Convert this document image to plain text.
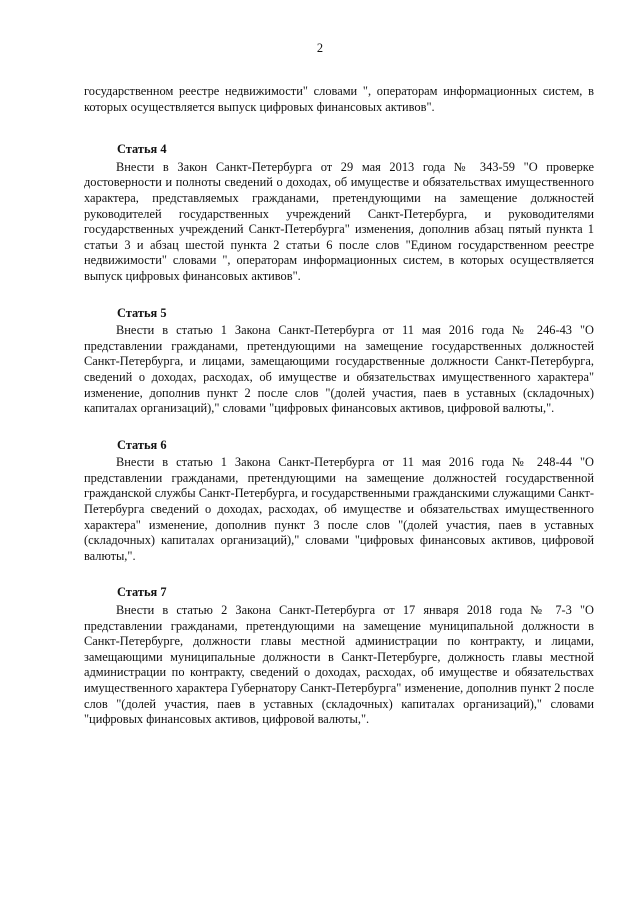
2

государственном реестре недвижимости" словами ", операторам информационных систем, в которых осуществляется выпуск цифровых финансовых активов".

Статья 4

Внести в Закон Санкт-Петербурга от 29 мая 2013 года № 343-59 "О проверке достоверности и полноты сведений о доходах, об имуществе и обязательствах имущественного характера, представляемых гражданами, претендующими на замещение должностей руководителей государственных учреждений Санкт-Петербурга, и руководителями государственных учреждений Санкт-Петербурга" изменения, дополнив абзац пятый пункта 1 статьи 3 и абзац шестой пункта 2 статьи 6 после слов "Едином государственном реестре недвижимости" словами ", операторам информационных систем, в которых осуществляется выпуск цифровых финансовых активов".

Статья 5

Внести в статью 1 Закона Санкт-Петербурга от 11 мая 2016 года № 246-43 "О представлении гражданами, претендующими на замещение государственных должностей Санкт-Петербурга, и лицами, замещающими государственные должности Санкт-Петербурга, сведений о доходах, расходах, об имуществе и обязательствах имущественного характера" изменение, дополнив пункт 2 после слов "(долей участия, паев в уставных (складочных) капиталах организаций)," словами "цифровых финансовых активов, цифровой валюты,".

Статья 6

Внести в статью 1 Закона Санкт-Петербурга от 11 мая 2016 года № 248-44 "О представлении гражданами, претендующими на замещение должностей государственной гражданской службы Санкт-Петербурга, и государственными гражданскими служащими Санкт-Петербурга сведений о доходах, расходах, об имуществе и обязательствах имущественного характера" изменение, дополнив пункт 3 после слов "(долей участия, паев в уставных (складочных) капиталах организаций)," словами "цифровых финансовых активов, цифровой валюты,".

Статья 7

Внести в статью 2 Закона Санкт-Петербурга от 17 января 2018 года № 7-3 "О представлении гражданами, претендующими на замещение муниципальной должности в Санкт-Петербурге, должности главы местной администрации по контракту, и лицами, замещающими муниципальные должности в Санкт-Петербурге, должность главы местной администрации по контракту, сведений о доходах, расходах, об имуществе и обязательствах имущественного характера Губернатору Санкт-Петербурга" изменение, дополнив пункт 2 после слов "(долей участия, паев в уставных (складочных) капиталах организаций)," словами "цифровых финансовых активов, цифровой валюты,".
